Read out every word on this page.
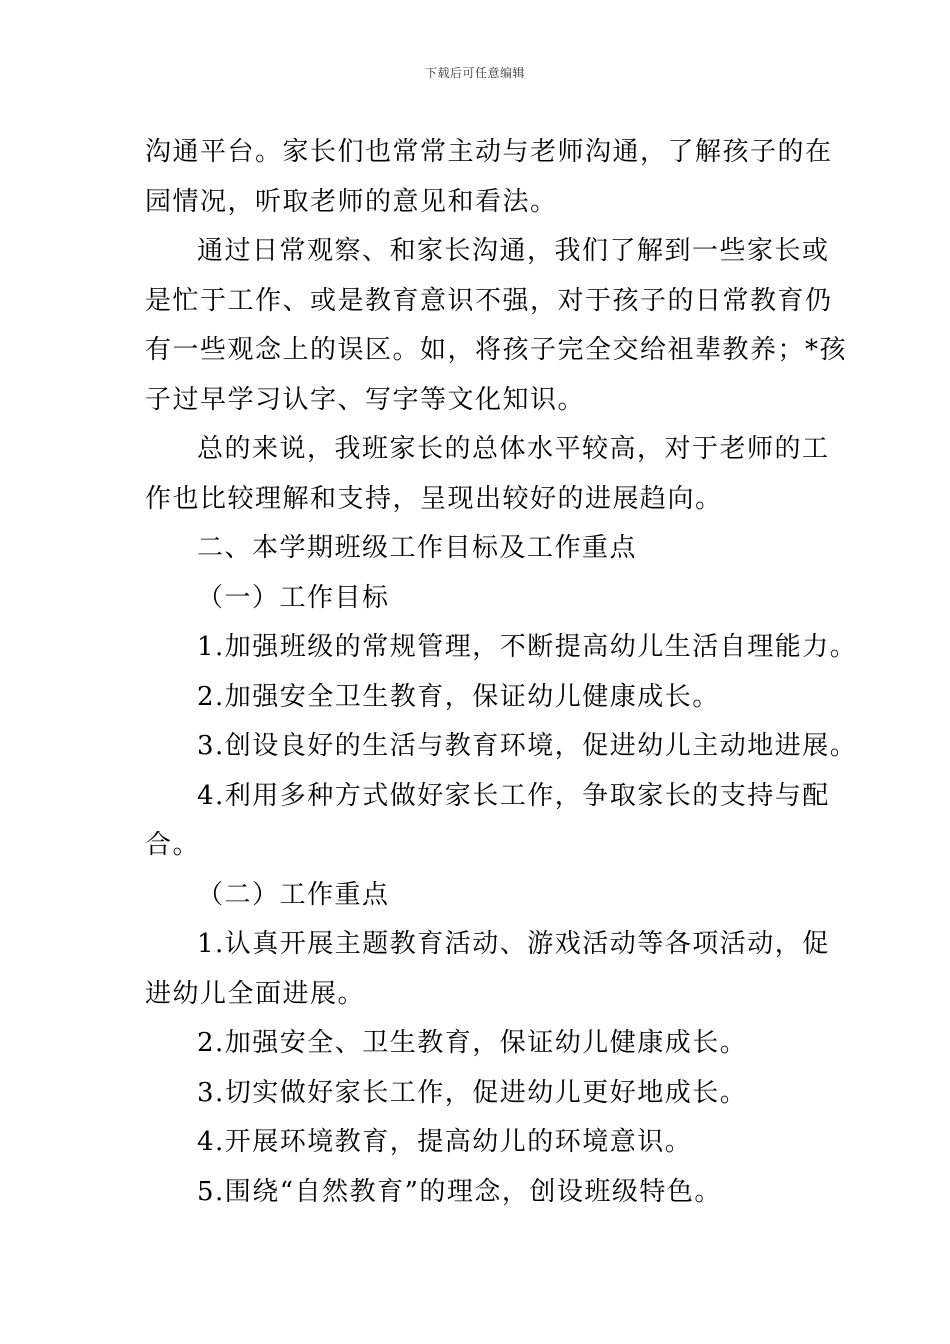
下载后可任意编辑

沟通平台。家长们也常常主动与老师沟通，了解孩子的在

园情况，听取老师的意见和看法。

通过日常观察、和家长沟通，我们了解到一些家长或

是忙于工作、或是教育意识不强，对于孩子的日常教育仍

有一些观念上的误区。如，将孩子完全交给祖辈教养；*孩

子过早学习认字、写字等文化知识。

总的来说，我班家长的总体水平较高，对于老师的工

作也比较理解和支持，呈现出较好的进展趋向。

二、本学期班级工作目标及工作重点

（一）工作目标

1.加强班级的常规管理，不断提高幼儿生活自理能力。

2.加强安全卫生教育，保证幼儿健康成长。

3.创设良好的生活与教育环境，促进幼儿主动地进展。

4.利用多种方式做好家长工作，争取家长的支持与配

合。

（二）工作重点

1.认真开展主题教育活动、游戏活动等各项活动，促

进幼儿全面进展。

2.加强安全、卫生教育，保证幼儿健康成长。

3.切实做好家长工作，促进幼儿更好地成长。

4.开展环境教育，提高幼儿的环境意识。

5.围绕“自然教育”的理念，创设班级特色。
